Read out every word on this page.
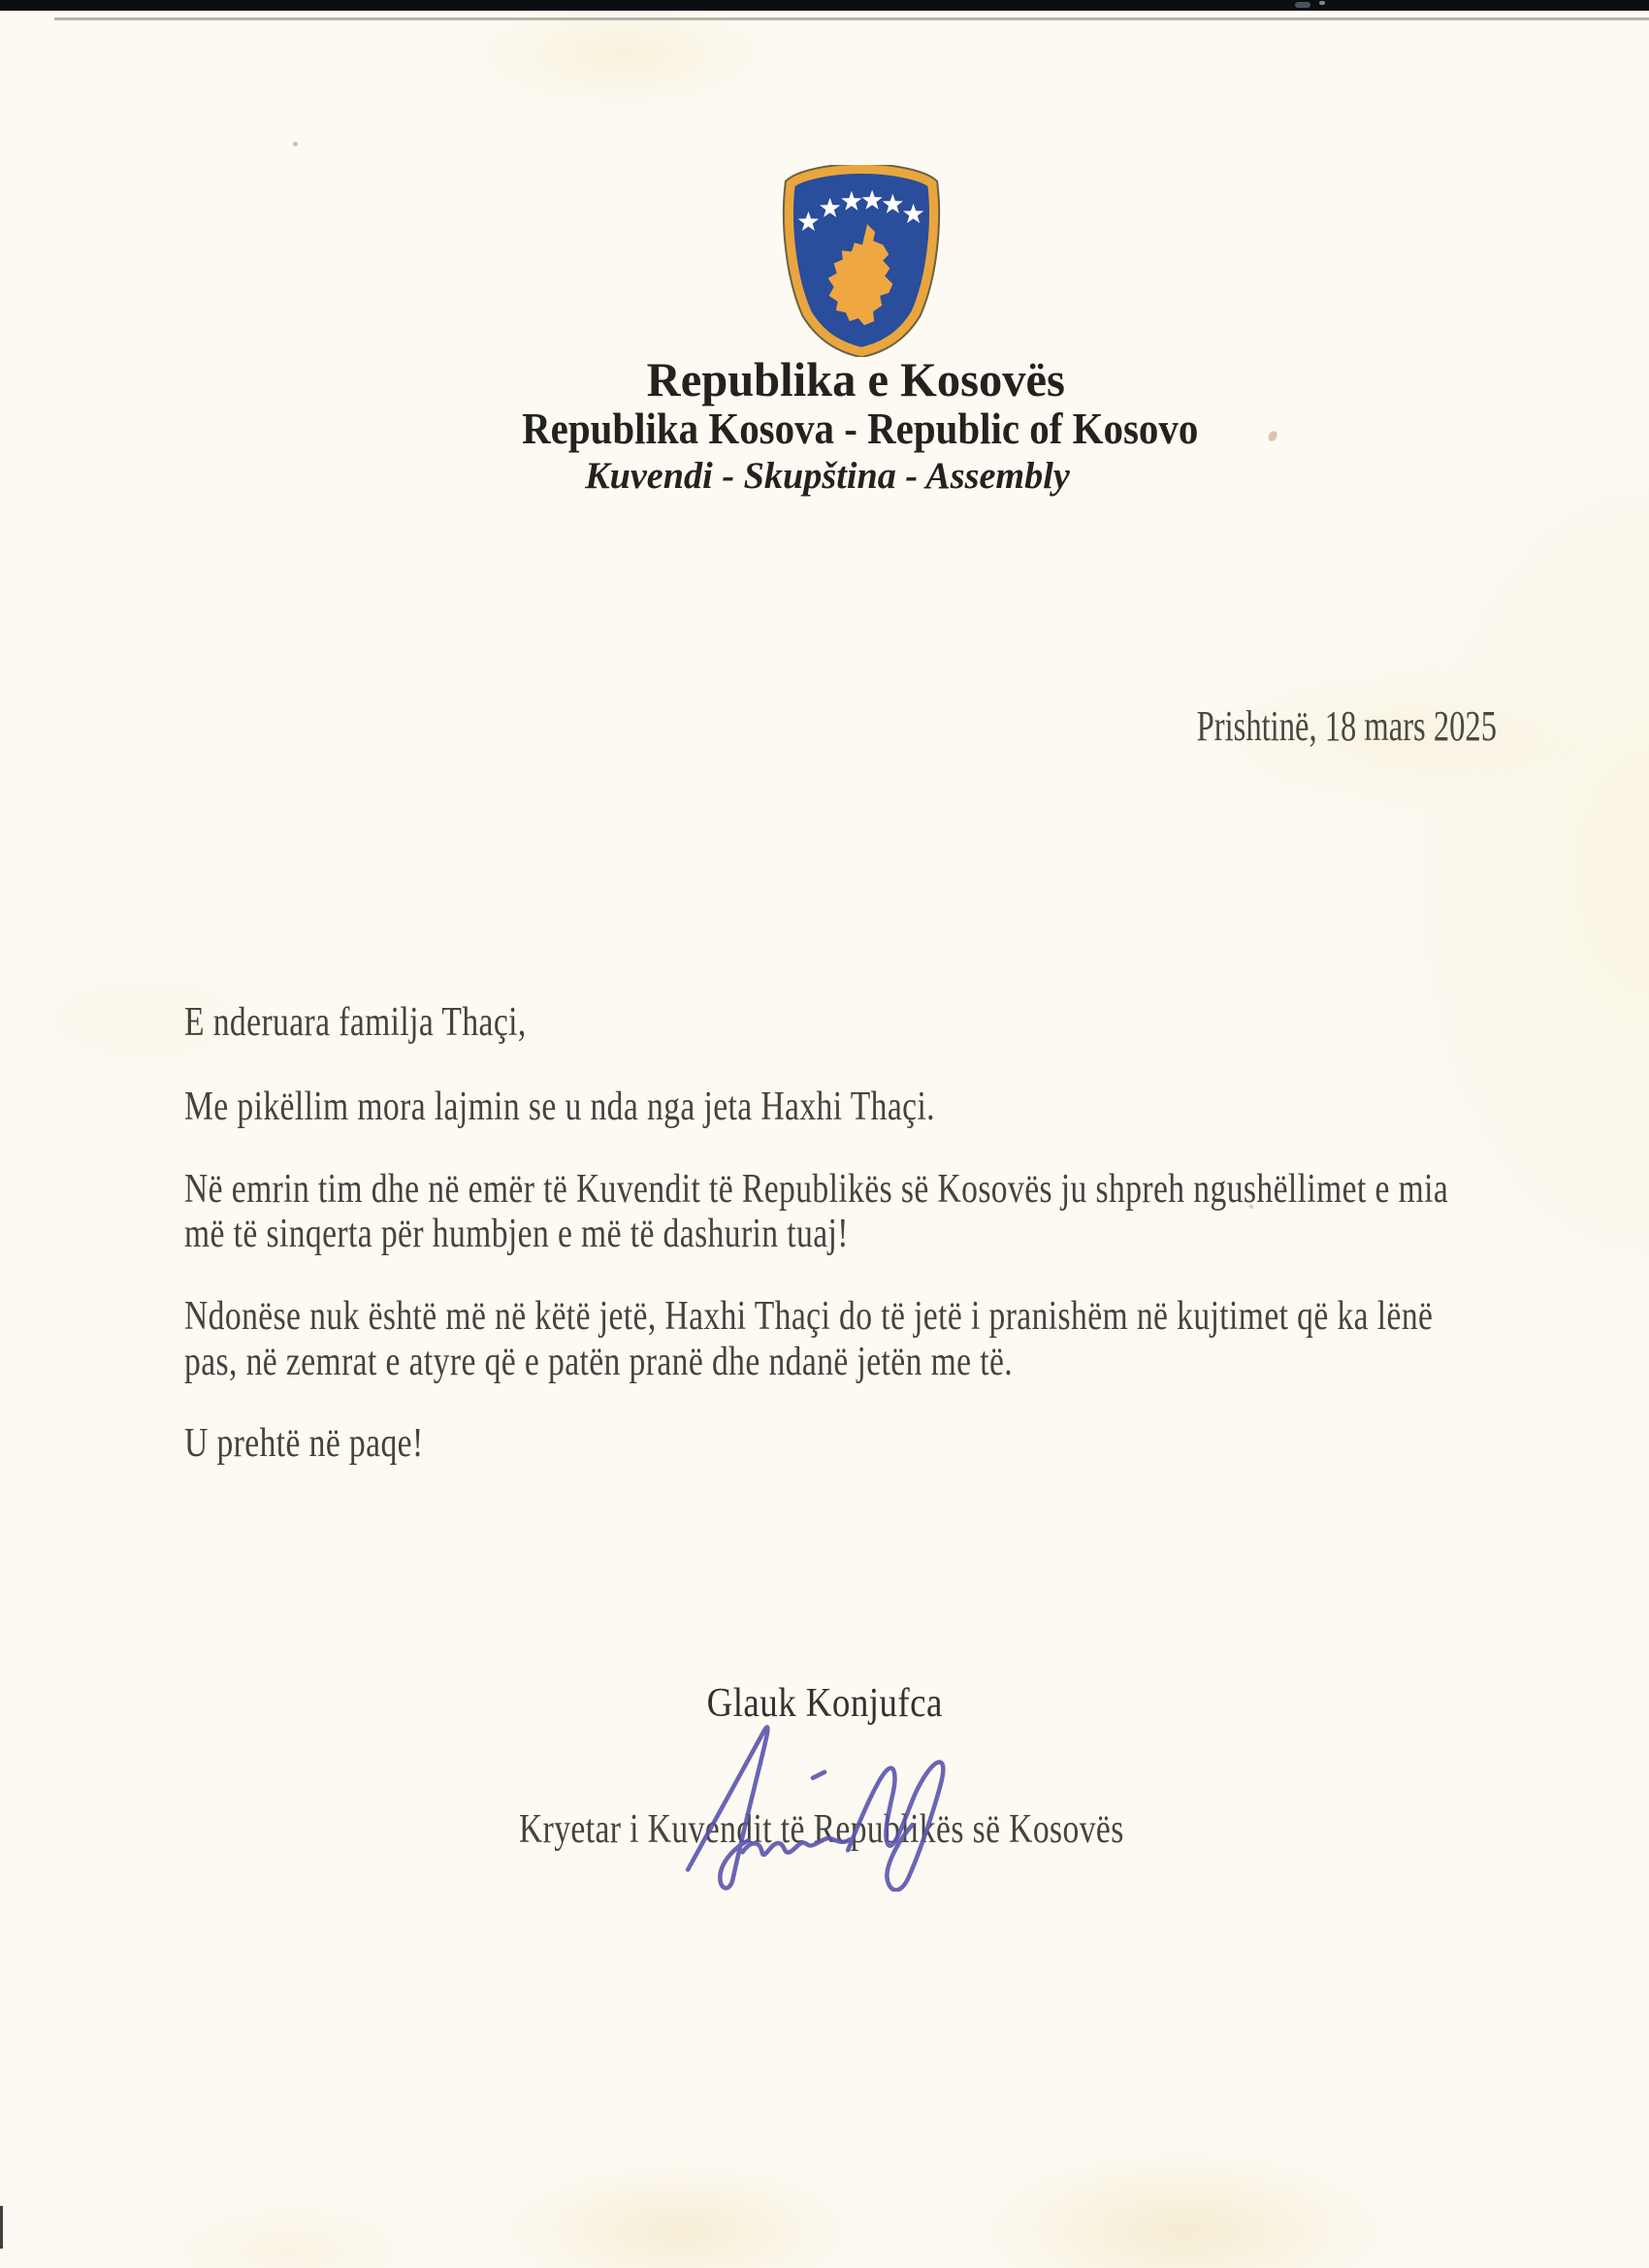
Republika e Kosovës

Republika Kosova - Republic of Kosovo

Kuvendi - Skupština - Assembly

Prishtinë, 18 mars 2025

E nderuara familja Thaçi,

Me pikëllim mora lajmin se u nda nga jeta Haxhi Thaçi.

Në emrin tim dhe në emër të Kuvendit të Republikës së Kosovës ju shpreh ngushëllimet e mia

më të sinqerta për humbjen e më të dashurin tuaj!

Ndonëse nuk është më në këtë jetë, Haxhi Thaçi do të jetë i pranishëm në kujtimet që ka lënë

pas, në zemrat e atyre që e patën pranë dhe ndanë jetën me të.

U prehtë në paqe!

Glauk Konjufca

Kryetar i Kuvendit të Republikës së Kosovës
